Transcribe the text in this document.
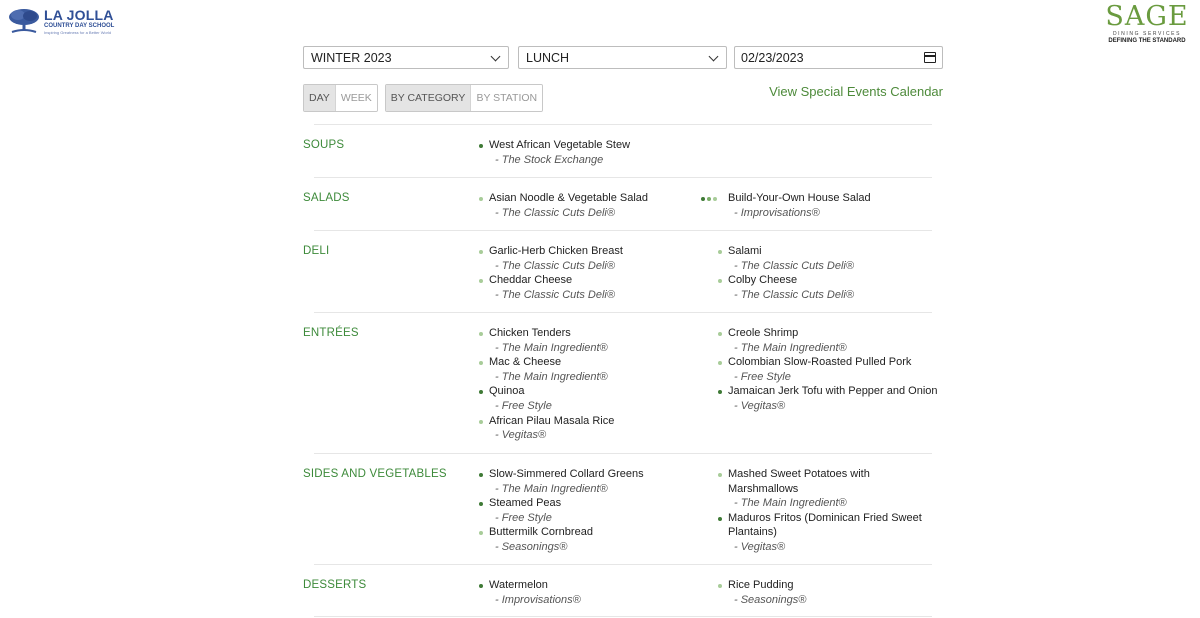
LA JOLLA
COUNTRY DAY SCHOOL
Inspiring Greatness for a Better World	SAGE
DINING SERVICES
DEFINING THE STANDARD
WINTER 2023	LUNCH	02/23/2023
DAY	WEEK	BY CATEGORY	BY STATION	View Special Events Calendar
SOUPS	West African Vegetable Stew
- The Stock Exchange
SALADS	Asian Noodle & Vegetable Salad
- The Classic Cuts Deli®
Build-Your-Own House Salad
- Improvisations®
DELI	Garlic-Herb Chicken Breast
- The Classic Cuts Deli®
Cheddar Cheese
- The Classic Cuts Deli®
Salami
- The Classic Cuts Deli®
Colby Cheese
- The Classic Cuts Deli®
ENTRÉES	Chicken Tenders
- The Main Ingredient®
Mac & Cheese
- The Main Ingredient®
Quinoa
- Free Style
African Pilau Masala Rice
- Vegitas®
Creole Shrimp
- The Main Ingredient®
Colombian Slow-Roasted Pulled Pork
- Free Style
Jamaican Jerk Tofu with Pepper and Onion
- Vegitas®
SIDES AND VEGETABLES	Slow-Simmered Collard Greens
- The Main Ingredient®
Steamed Peas
- Free Style
Buttermilk Cornbread
- Seasonings®
Mashed Sweet Potatoes with Marshmallows
- The Main Ingredient®
Maduros Fritos (Dominican Fried Sweet Plantains)
- Vegitas®
DESSERTS	Watermelon
- Improvisations®
Rice Pudding
- Seasonings®
